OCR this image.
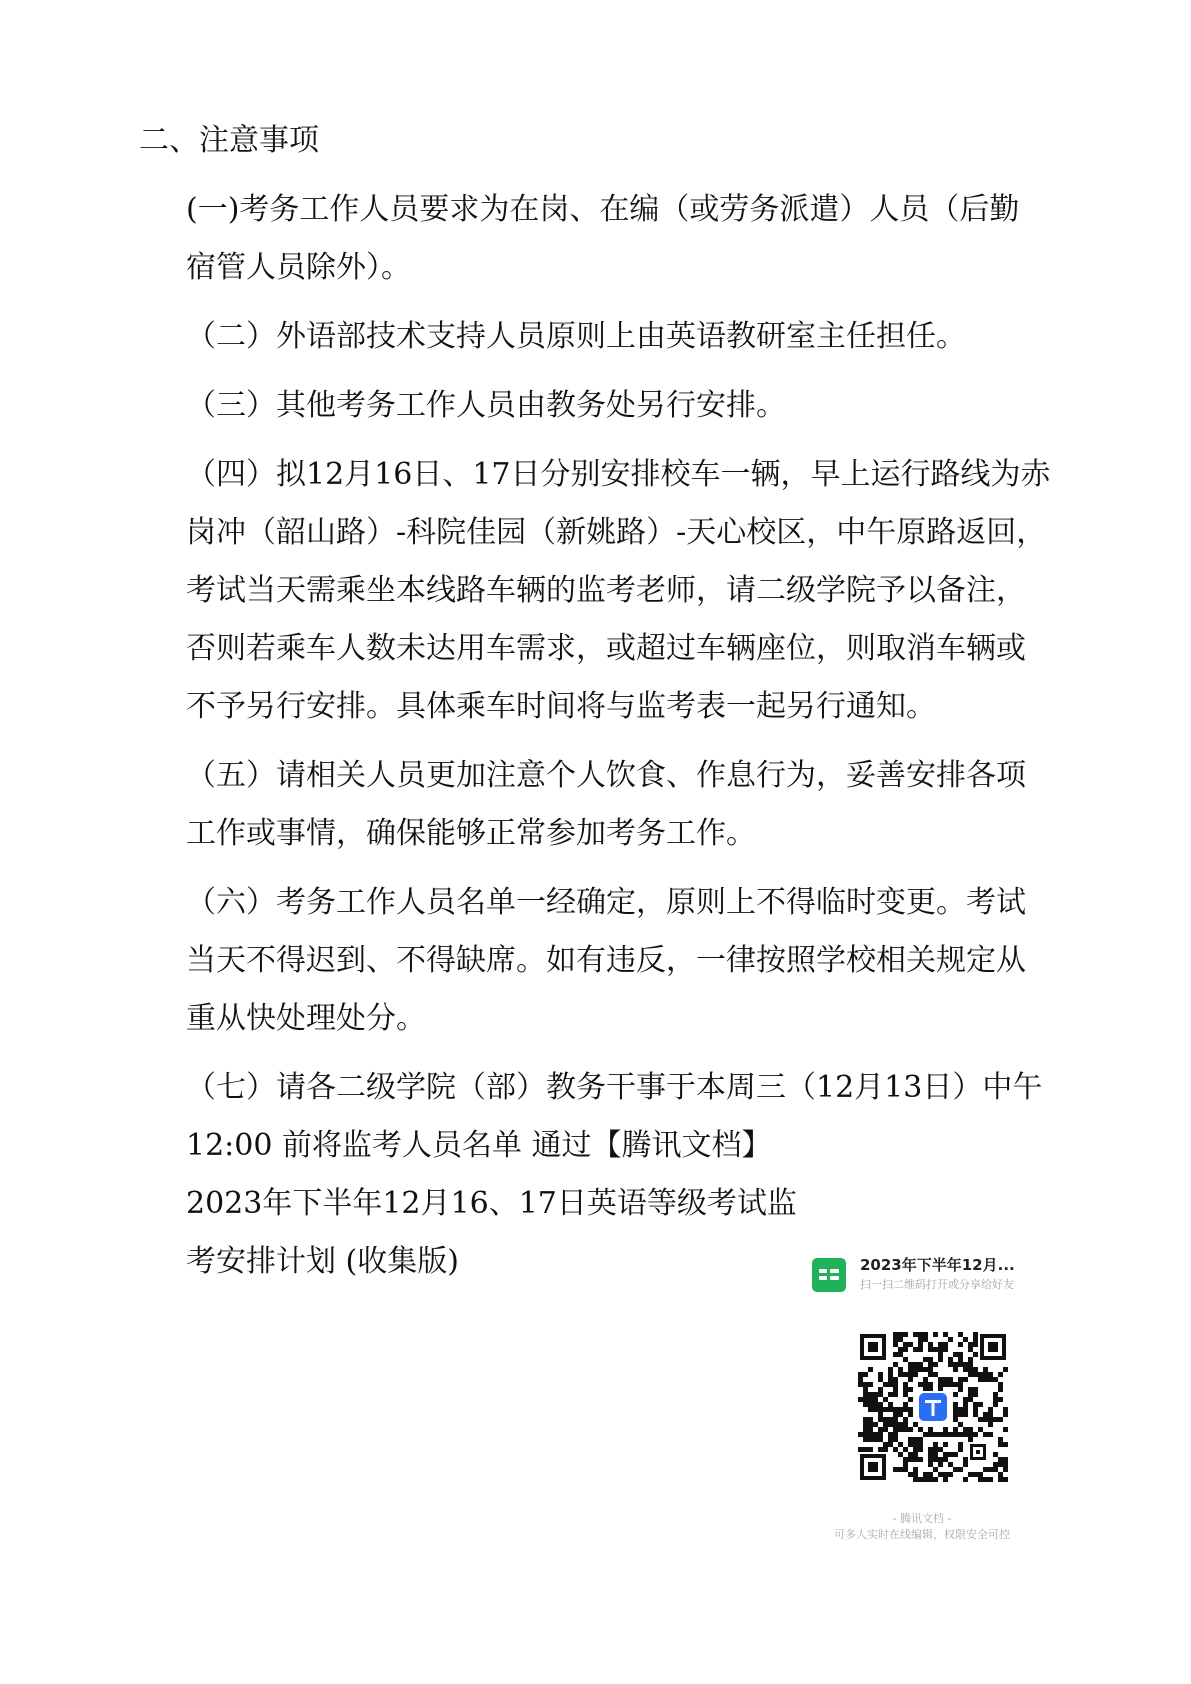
二、注意事项
(一)考务工作人员要求为在岗、在编（或劳务派遣）人员（后勤
宿管人员除外）。
（二）外语部技术支持人员原则上由英语教研室主任担任。
（三）其他考务工作人员由教务处另行安排。
（四）拟12月16日、17日分别安排校车一辆，早上运行路线为赤
岗冲（韶山路）-科院佳园（新姚路）-天心校区，中午原路返回，
考试当天需乘坐本线路车辆的监考老师，请二级学院予以备注，
否则若乘车人数未达用车需求，或超过车辆座位，则取消车辆或
不予另行安排。具体乘车时间将与监考表一起另行通知。
（五）请相关人员更加注意个人饮食、作息行为，妥善安排各项
工作或事情，确保能够正常参加考务工作。
（六）考务工作人员名单一经确定，原则上不得临时变更。考试
当天不得迟到、不得缺席。如有违反，一律按照学校相关规定从
重从快处理处分。
（七）请各二级学院（部）教务干事于本周三（12月13日）中午
12:00 前将监考人员名单 通过【腾讯文档】
2023年下半年12月16、17日英语等级考试监
考安排计划 (收集版)	2023年下半年12月...
扫一扫二维码打开或分享给好友
- 腾讯文档 -
可多人实时在线编辑，权限安全可控
